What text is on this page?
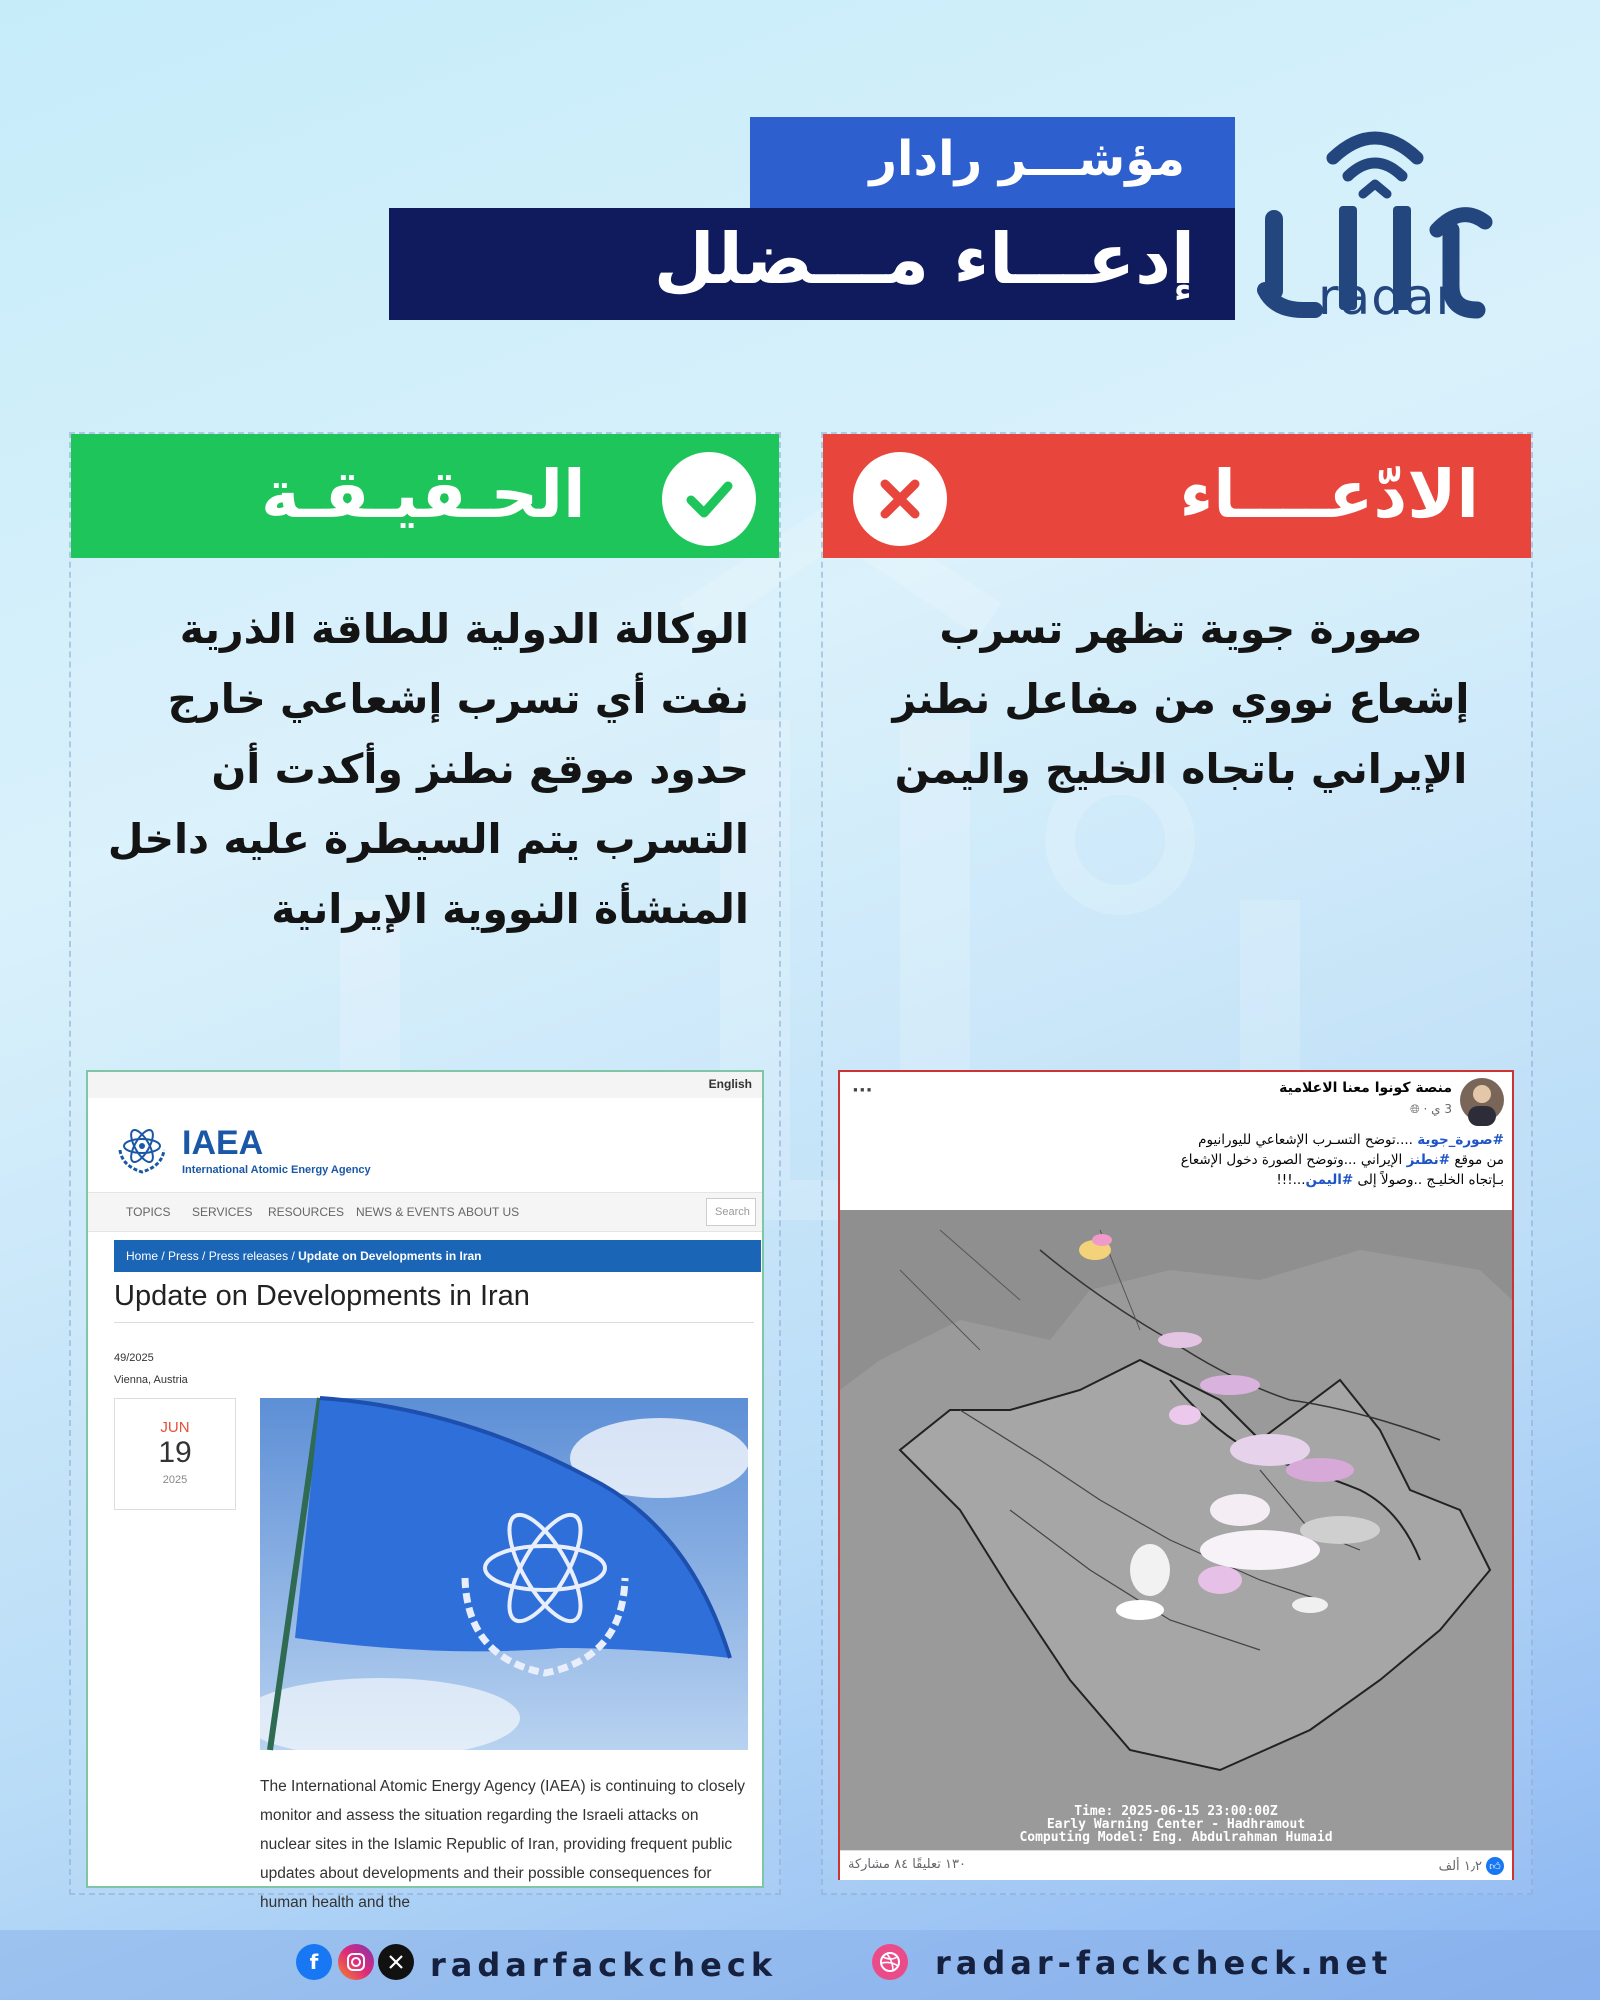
radar
مؤشـــر رادار
إدعـــاء مـــضلل
الحـقيـقـة
الوكالة الدولية للطاقة الذرية نفت أي تسرب إشعاعي خارج حدود موقع نطنز وأكدت أن التسرب يتم السيطرة عليه داخل المنشأة النووية الإيرانية
الادّعــــاء
صورة جوية تظهر تسرب إشعاع نووي من مفاعل نطنز الإيراني باتجاه الخليج واليمن
English
IAEA
International Atomic Energy Agency
TOPICS SERVICES RESOURCES NEWS & EVENTS ABOUT US	Search
Home / Press / Press releases / Update on Developments in Iran
Update on Developments in Iran
49/2025
Vienna, Austria
JUN
19
2025
The International Atomic Energy Agency (IAEA) is continuing to closely monitor and assess the situation regarding the Israeli attacks on nuclear sites in the Islamic Republic of Iran, providing frequent public updates about developments and their possible consequences for human health and the
منصة كونوا معنا الاعلامية
3 ي · 🌐︎
···
#صورة_جوية ....توضح التسـرب الإشعاعي لليورانيوم
من موقع #نطنز الإيراني ...وتوضح الصورة دخول الإشعاع
بـإتجاه الخليـج ..وصولاً إلى #اليمن...!!!
Time: 2025-06-15 23:00:00Z
Early Warning Center - Hadhramout
Computing Model: Eng. Abdulrahman Humaid
👍︎
١٫٢ ألف
١٣٠ تعليقًا ٨٤ مشاركة
f	radarfackcheck	radar-fackcheck.net
